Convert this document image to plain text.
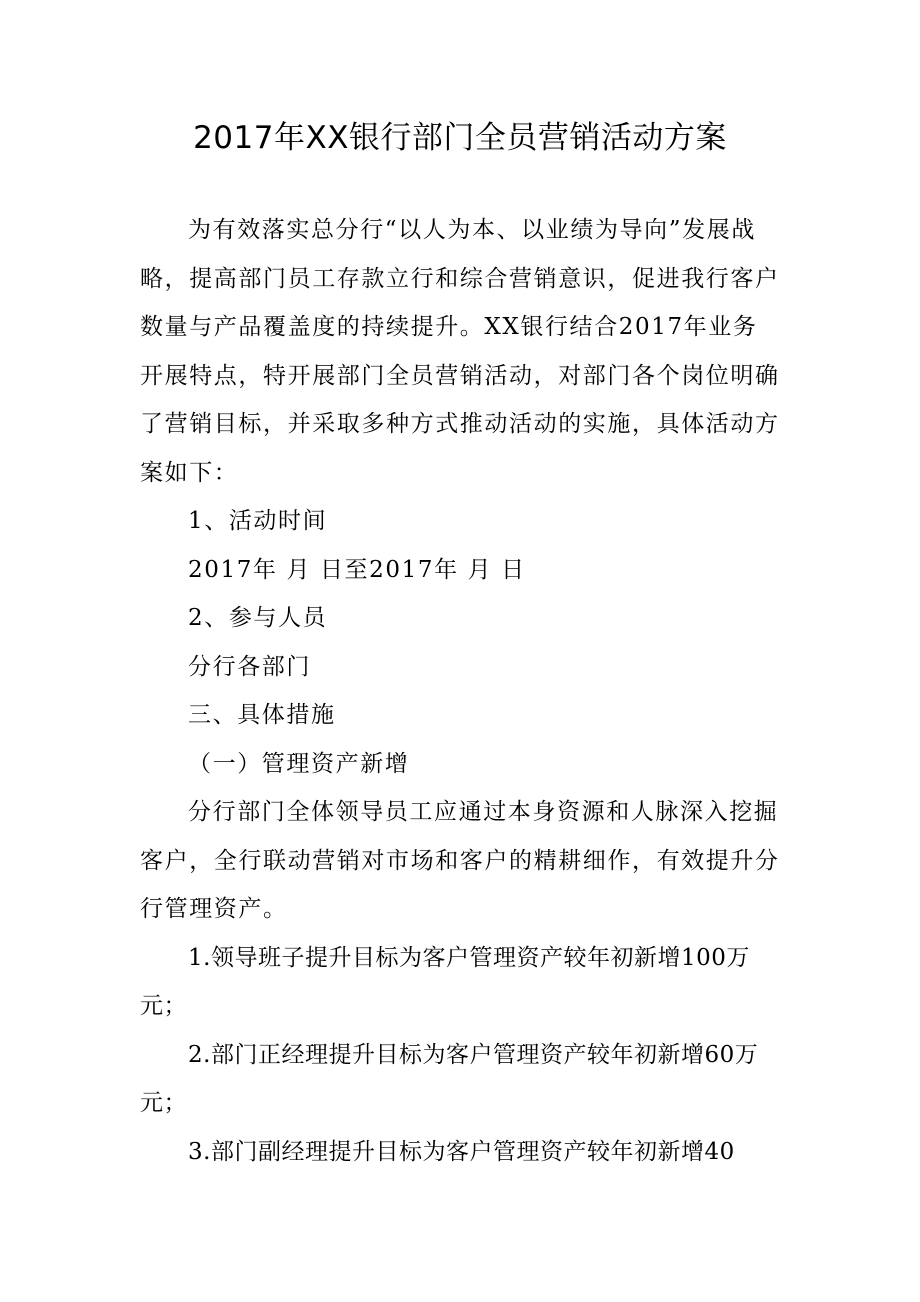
2017年XX银行部门全员营销活动方案

为有效落实总分行“以人为本、以业绩为导向”发展战略，提高部门员工存款立行和综合营销意识，促进我行客户数量与产品覆盖度的持续提升。XX银行结合2017年业务开展特点，特开展部门全员营销活动，对部门各个岗位明确了营销目标，并采取多种方式推动活动的实施，具体活动方案如下：

1、活动时间

2017年 月 日至2017年 月 日

2、参与人员

分行各部门

三、具体措施

（一）管理资产新增

分行部门全体领导员工应通过本身资源和人脉深入挖掘客户，全行联动营销对市场和客户的精耕细作，有效提升分行管理资产。

1.领导班子提升目标为客户管理资产较年初新增100万元；

2.部门正经理提升目标为客户管理资产较年初新增60万元；

3.部门副经理提升目标为客户管理资产较年初新增40
